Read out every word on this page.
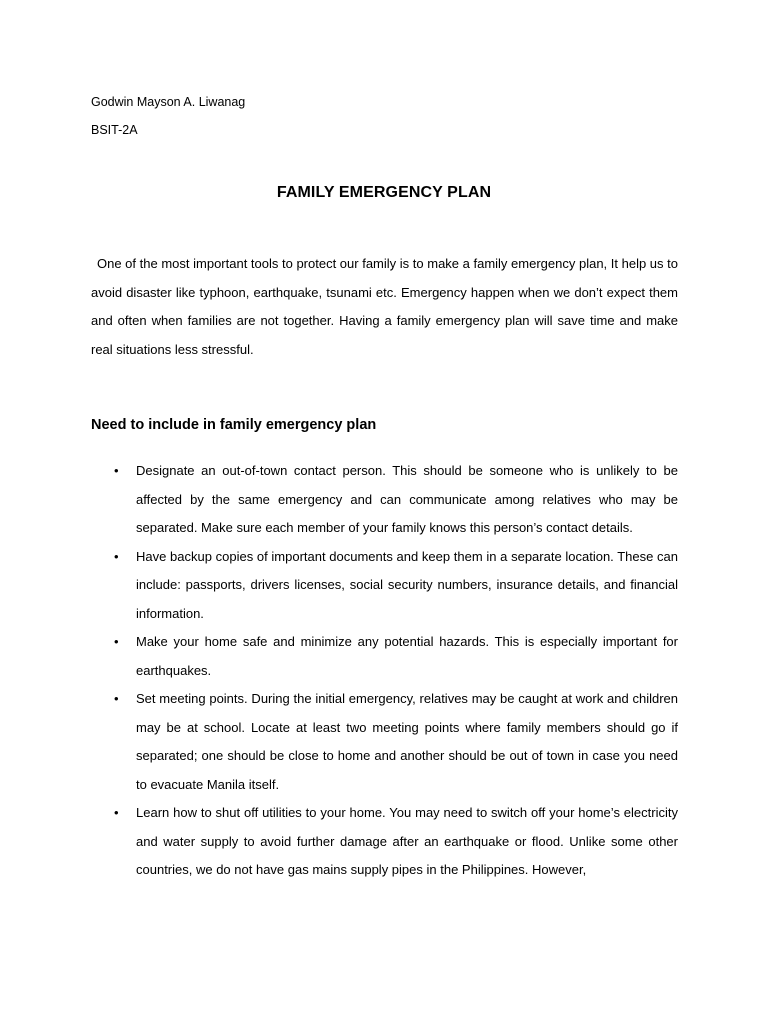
Godwin Mayson A. Liwanag
BSIT-2A
FAMILY EMERGENCY PLAN
One of the most important tools to protect our family is to make a family emergency plan, It help us to avoid disaster like typhoon, earthquake, tsunami etc. Emergency happen when we don’t expect them and often when families are not together. Having a family emergency plan will save time and make real situations less stressful.
Need to include in family emergency plan
• Designate an out-of-town contact person. This should be someone who is unlikely to be affected by the same emergency and can communicate among relatives who may be separated. Make sure each member of your family knows this person’s contact details.
• Have backup copies of important documents and keep them in a separate location. These can include: passports, drivers licenses, social security numbers, insurance details, and financial information.
• Make your home safe and minimize any potential hazards. This is especially important for earthquakes.
• Set meeting points. During the initial emergency, relatives may be caught at work and children may be at school. Locate at least two meeting points where family members should go if separated; one should be close to home and another should be out of town in case you need to evacuate Manila itself.
• Learn how to shut off utilities to your home. You may need to switch off your home’s electricity and water supply to avoid further damage after an earthquake or flood. Unlike some other countries, we do not have gas mains supply pipes in the Philippines. However,
